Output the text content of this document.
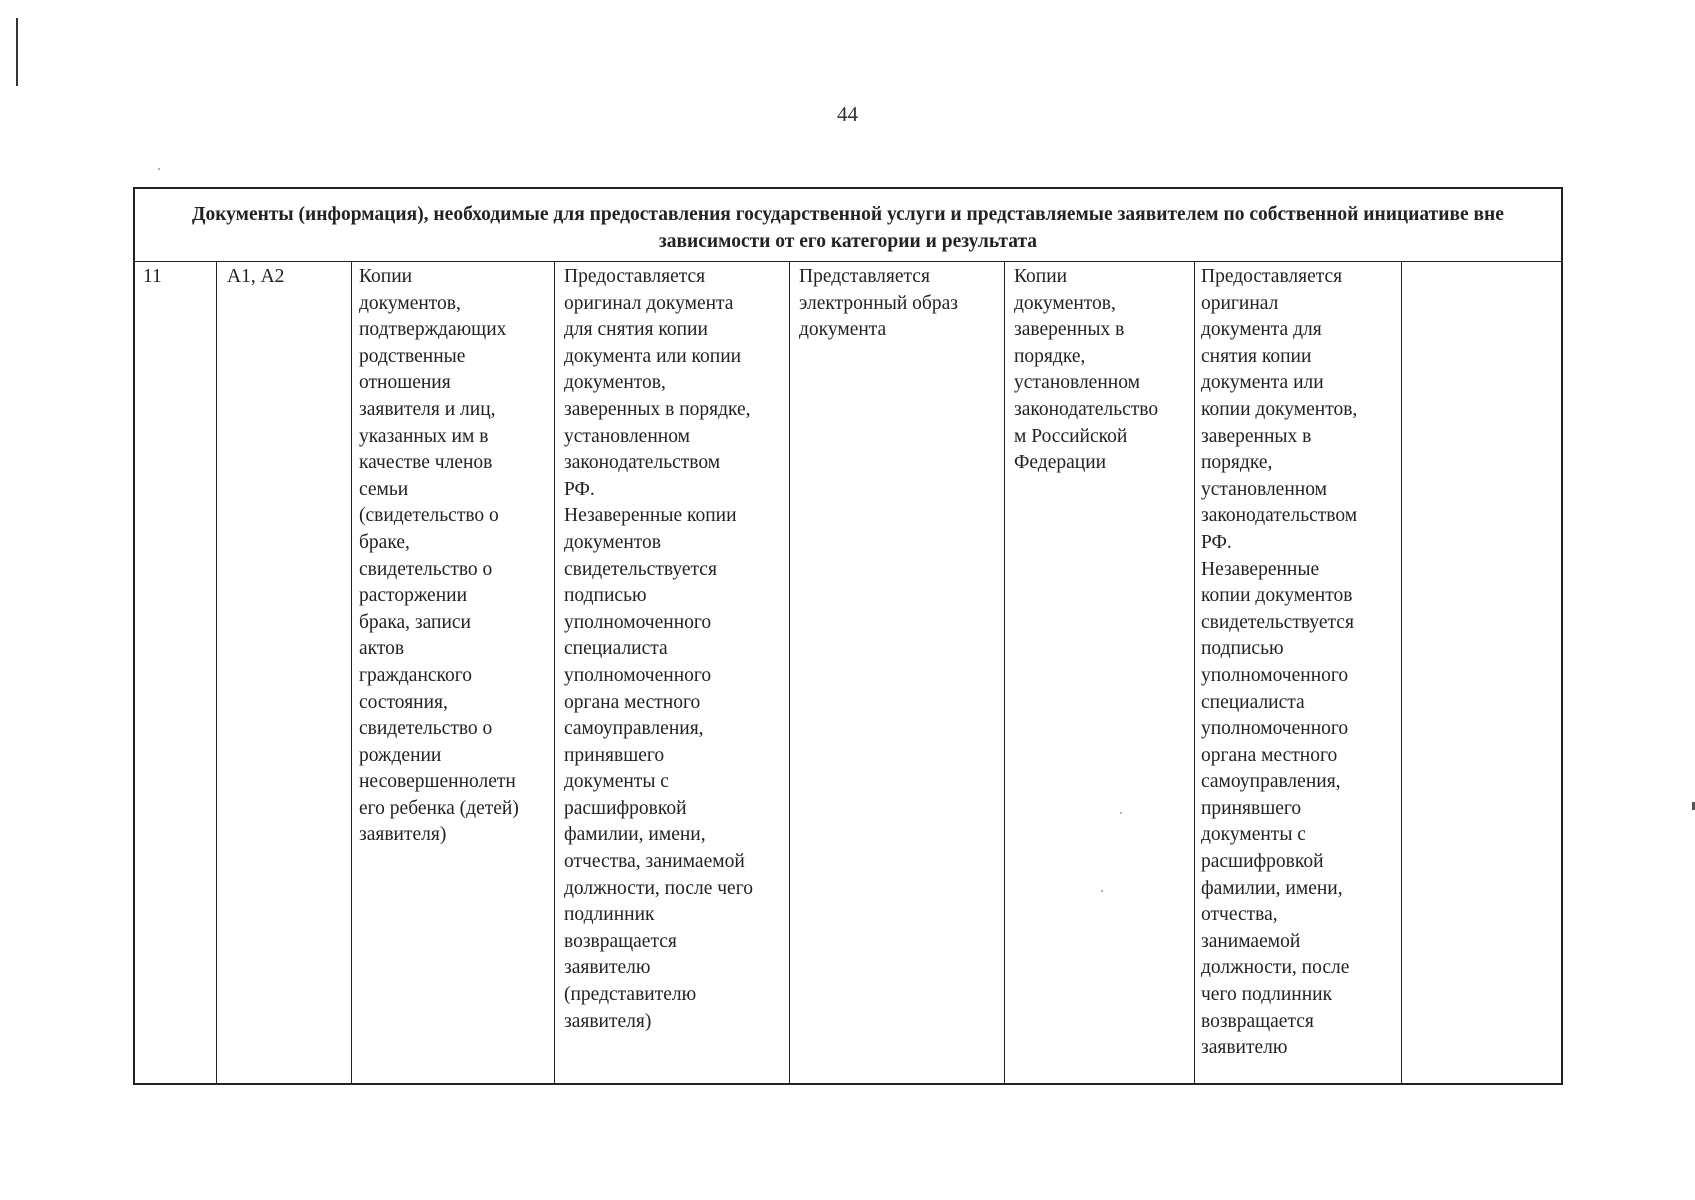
44
Документы (информация), необходимые для предоставления государственной услуги и представляемые заявителем по собственной инициативе вне зависимости от его категории и результата
11	А1, А2	Копии
документов,
подтверждающих
родственные
отношения
заявителя и лиц,
указанных им в
качестве членов
семьи
(свидетельство о
браке,
свидетельство о
расторжении
брака, записи
актов
гражданского
состояния,
свидетельство о
рождении
несовершеннолетн
его ребенка (детей)
заявителя)
Предоставляется
оригинал документа
для снятия копии
документа или копии
документов,
заверенных в порядке,
установленном
законодательством
РФ.
Незаверенные копии
документов
свидетельствуется
подписью
уполномоченного
специалиста
уполномоченного
органа местного
самоуправления,
принявшего
документы с
расшифровкой
фамилии, имени,
отчества, занимаемой
должности, после чего
подлинник
возвращается
заявителю
(представителю
заявителя)
Представляется
электронный образ
документа
Копии
документов,
заверенных в
порядке,
установленном
законодательство
м Российской
Федерации
Предоставляется
оригинал
документа для
снятия копии
документа или
копии документов,
заверенных в
порядке,
установленном
законодательством
РФ.
Незаверенные
копии документов
свидетельствуется
подписью
уполномоченного
специалиста
уполномоченного
органа местного
самоуправления,
принявшего
документы с
расшифровкой
фамилии, имени,
отчества,
занимаемой
должности, после
чего подлинник
возвращается
заявителю
